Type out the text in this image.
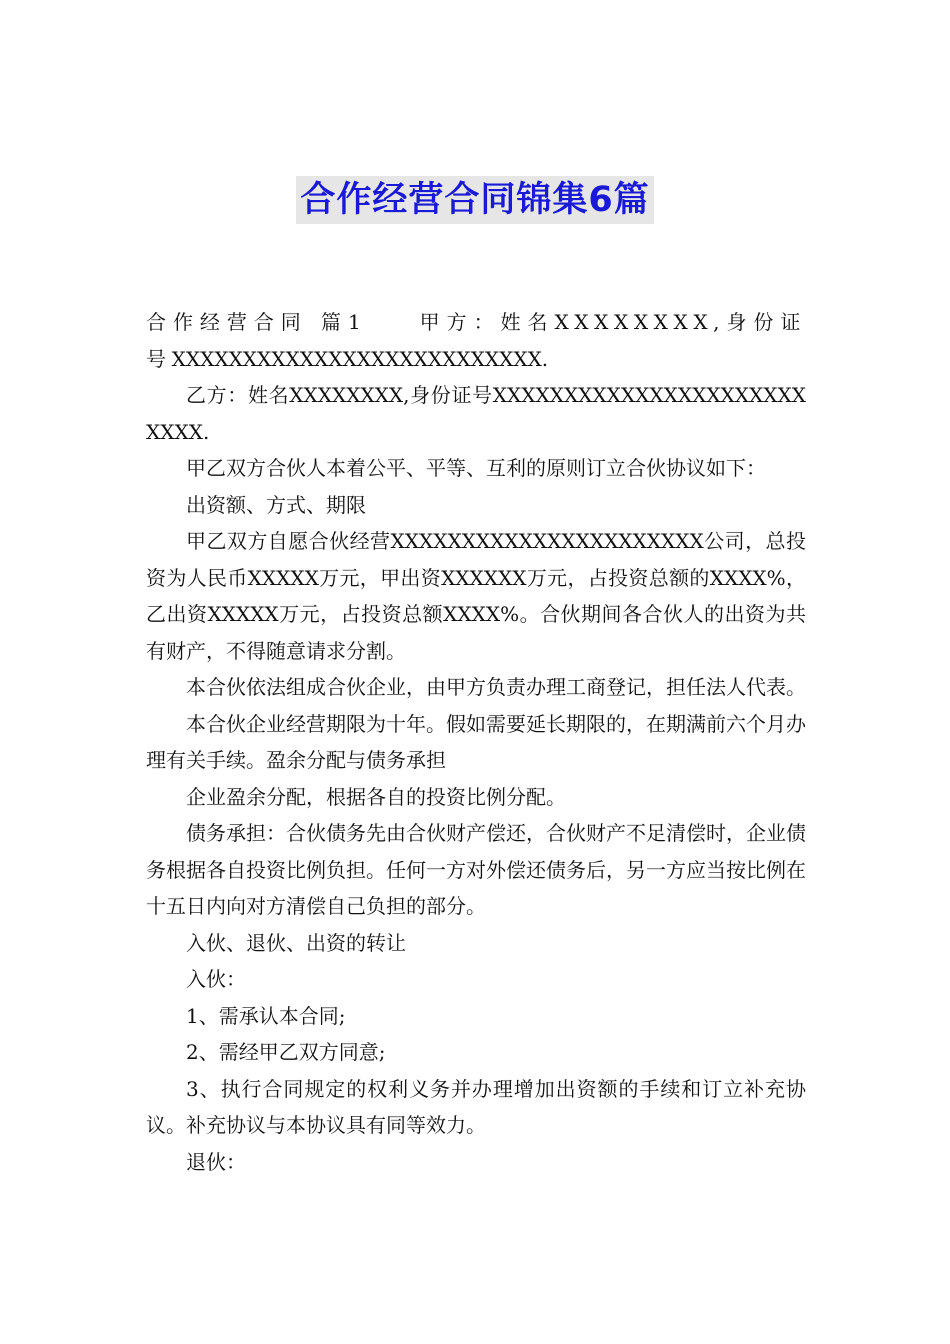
合作经营合同锦集6篇

合作经营合同 篇1	甲方：姓名XXXXXXXX,身份证号XXXXXXXXXXXXXXXXXXXXXXXXXX.

乙方：姓名XXXXXXXX,身份证号XXXXXXXXXXXXXXXXXXXXXXXXXX.

甲乙双方合伙人本着公平、平等、互利的原则订立合伙协议如下：

出资额、方式、期限

甲乙双方自愿合伙经营XXXXXXXXXXXXXXXXXXXXXX公司，总投资为人民币XXXXX万元，甲出资XXXXXX万元，占投资总额的XXXX%，乙出资XXXXX万元，占投资总额XXXX%。合伙期间各合伙人的出资为共有财产，不得随意请求分割。

本合伙依法组成合伙企业，由甲方负责办理工商登记，担任法人代表。

本合伙企业经营期限为十年。假如需要延长期限的，在期满前六个月办理有关手续。盈余分配与债务承担

企业盈余分配，根据各自的投资比例分配。

债务承担：合伙债务先由合伙财产偿还，合伙财产不足清偿时，企业债务根据各自投资比例负担。任何一方对外偿还债务后，另一方应当按比例在十五日内向对方清偿自己负担的部分。

入伙、退伙、出资的转让

入伙：

1、需承认本合同;

2、需经甲乙双方同意;

3、执行合同规定的权利义务并办理增加出资额的手续和订立补充协议。补充协议与本协议具有同等效力。

退伙：
